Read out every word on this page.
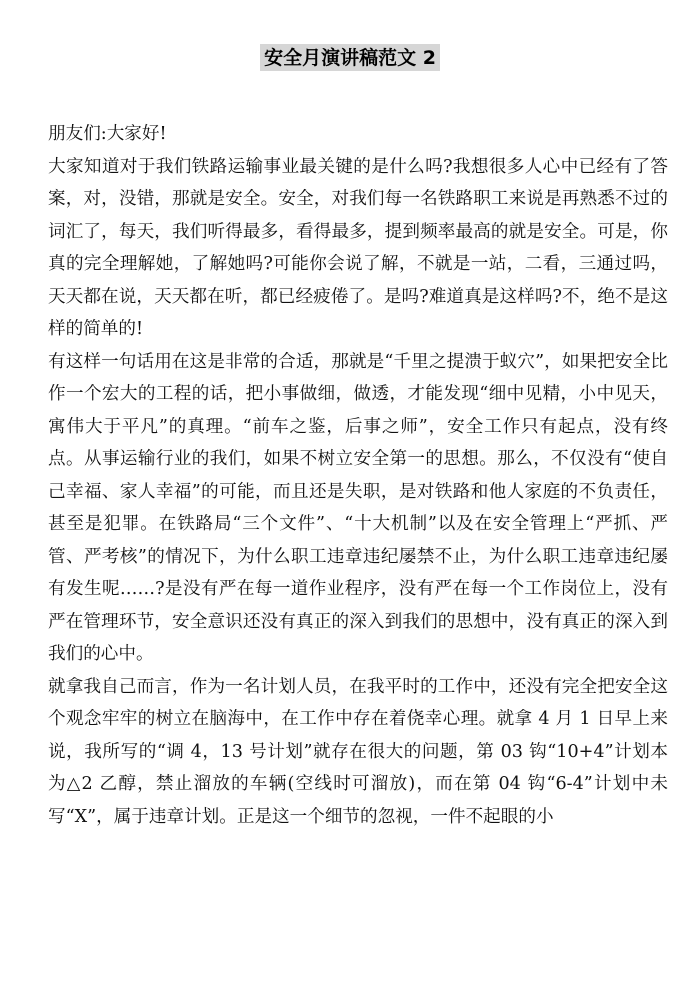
安全月演讲稿范文 2

朋友们:大家好!

大家知道对于我们铁路运输事业最关键的是什么吗?我想很多人心中已经有了答案，对，没错，那就是安全。安全，对我们每一名铁路职工来说是再熟悉不过的词汇了，每天，我们听得最多，看得最多，提到频率最高的就是安全。可是，你真的完全理解她，了解她吗?可能你会说了解，不就是一站，二看，三通过吗，天天都在说，天天都在听，都已经疲倦了。是吗?难道真是这样吗?不，绝不是这样的简单的!

有这样一句话用在这是非常的合适，那就是“千里之提溃于蚁穴”，如果把安全比作一个宏大的工程的话，把小事做细，做透，才能发现“细中见精，小中见天，寓伟大于平凡”的真理。“前车之鉴，后事之师”，安全工作只有起点，没有终点。从事运输行业的我们，如果不树立安全第一的思想。那么，不仅没有“使自己幸福、家人幸福”的可能，而且还是失职，是对铁路和他人家庭的不负责任，甚至是犯罪。在铁路局“三个文件”、“十大机制”以及在安全管理上“严抓、严管、严考核”的情况下，为什么职工违章违纪屡禁不止，为什么职工违章违纪屡有发生呢……?是没有严在每一道作业程序，没有严在每一个工作岗位上，没有严在管理环节，安全意识还没有真正的深入到我们的思想中，没有真正的深入到我们的心中。

就拿我自己而言，作为一名计划人员，在我平时的工作中，还没有完全把安全这个观念牢牢的树立在脑海中，在工作中存在着侥幸心理。就拿 4 月 1 日早上来说，我所写的“调 4，13 号计划”就存在很大的问题，第 03 钩“10+4”计划本为△2 乙醇，禁止溜放的车辆(空线时可溜放)，而在第 04 钩“6-4”计划中未写“X”，属于违章计划。正是这一个细节的忽视，一件不起眼的小
